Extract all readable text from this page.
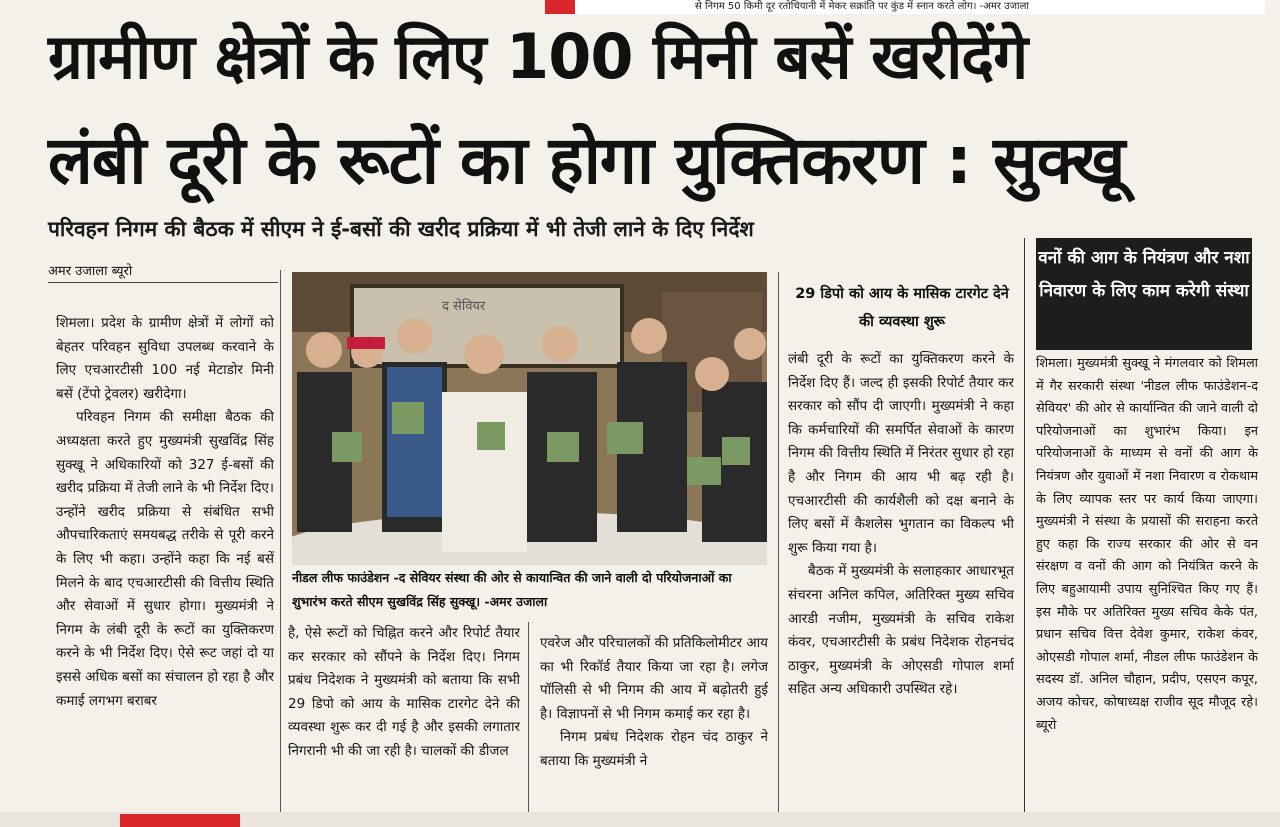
से निगम 50 किमी दूर रतोचियानी में मेकर सक्रांति पर कुंड में स्नान करते लोग। -अमर उजाला
ग्रामीण क्षेत्रों के लिए 100 मिनी बसें खरीदेंगे
लंबी दूरी के रूटों का होगा युक्तिकरण : सुक्खू
परिवहन निगम की बैठक में सीएम ने ई-बसों की खरीद प्रक्रिया में भी तेजी लाने के दिए निर्देश
अमर उजाला ब्यूरो

शिमला। प्रदेश के ग्रामीण क्षेत्रों में लोगों को बेहतर परिवहन सुविधा उपलब्ध करवाने के लिए एचआरटीसी 100 नई मेटाडोर मिनी बसें (टेंपो ट्रेवलर) खरीदेगा।

परिवहन निगम की समीक्षा बैठक की अध्यक्षता करते हुए मुख्यमंत्री सुखविंद्र सिंह सुक्खू ने अधिकारियों को 327 ई-बसों की खरीद प्रक्रिया में तेजी लाने के भी निर्देश दिए। उन्होंने खरीद प्रक्रिया से संबंधित सभी औपचारिकताएं समयबद्ध तरीके से पूरी करने के लिए भी कहा। उन्होंने कहा कि नई बसें मिलने के बाद एचआरटीसी की वित्तीय स्थिति और सेवाओं में सुधार होगा। मुख्यमंत्री ने निगम के लंबी दूरी के रूटों का युक्तिकरण करने के भी निर्देश दिए। ऐसे रूट जहां दो या इससे अधिक बसों का संचालन हो रहा है और कमाई लगभग बराबर

द सेवियर
नीडल लीफ फाउंडेशन -द सेवियर संस्था की ओर से कायान्वित की जाने वाली दो परियोजनाओं का शुभारंभ करते सीएम सुखविंद्र सिंह सुक्खू। -अमर उजाला

है, ऐसे रूटों को चिह्नित करने और रिपोर्ट तैयार कर सरकार को सौंपने के निर्देश दिए। निगम प्रबंध निदेशक ने मुख्यमंत्री को बताया कि सभी 29 डिपो को आय के मासिक टारगेट देने की व्यवस्था शुरू कर दी गई है और इसकी लगातार निगरानी भी की जा रही है। चालकों की डीजल

एवरेज और परिचालकों की प्रतिकिलोमीटर आय का भी रिकॉर्ड तैयार किया जा रहा है। लगेज पॉलिसी से भी निगम की आय में बढ़ोतरी हुई है। विज्ञापनों से भी निगम कमाई कर रहा है।

निगम प्रबंध निदेशक रोहन चंद ठाकुर ने बताया कि मुख्यमंत्री ने

29 डिपो को आय के मासिक टारगेट देने की व्यवस्था शुरू

लंबी दूरी के रूटों का युक्तिकरण करने के निर्देश दिए हैं। जल्द ही इसकी रिपोर्ट तैयार कर सरकार को सौंप दी जाएगी। मुख्यमंत्री ने कहा कि कर्मचारियों की समर्पित सेवाओं के कारण निगम की वित्तीय स्थिति में निरंतर सुधार हो रहा है और निगम की आय भी बढ़ रही है। एचआरटीसी की कार्यशैली को दक्ष बनाने के लिए बसों में कैशलेस भुगतान का विकल्प भी शुरू किया गया है।

बैठक में मुख्यमंत्री के सलाहकार आधारभूत संचरना अनिल कपिल, अतिरिक्त मुख्य सचिव आरडी नजीम, मुख्यमंत्री के सचिव राकेश कंवर, एचआरटीसी के प्रबंध निदेशक रोहनचंद ठाकुर, मुख्यमंत्री के ओएसडी गोपाल शर्मा सहित अन्य अधिकारी उपस्थित रहे।

वनों की आग के नियंत्रण और नशा निवारण के लिए काम करेगी संस्था

शिमला। मुख्यमंत्री सुक्खू ने मंगलवार को शिमला में गैर सरकारी संस्था 'नीडल लीफ फाउंडेशन-द सेवियर' की ओर से कार्यान्वित की जाने वाली दो परियोजनाओं का शुभारंभ किया। इन परियोजनाओं के माध्यम से वनों की आग के नियंत्रण और युवाओं में नशा निवारण व रोकथाम के लिए व्यापक स्तर पर कार्य किया जाएगा। मुख्यमंत्री ने संस्था के प्रयासों की सराहना करते हुए कहा कि राज्य सरकार की ओर से वन संरक्षण व वनों की आग को नियंत्रित करने के लिए बहुआयामी उपाय सुनिश्चित किए गए हैं। इस मौके पर अतिरिक्त मुख्य सचिव केके पंत, प्रधान सचिव वित्त देवेश कुमार, राकेश कंवर, ओएसडी गोपाल शर्मा, नीडल लीफ फाउंडेशन के सदस्य डॉ. अनिल चौहान, प्रदीप, एसएन कपूर, अजय कोचर, कोषाध्यक्ष राजीव सूद मौजूद रहे। ब्यूरो
